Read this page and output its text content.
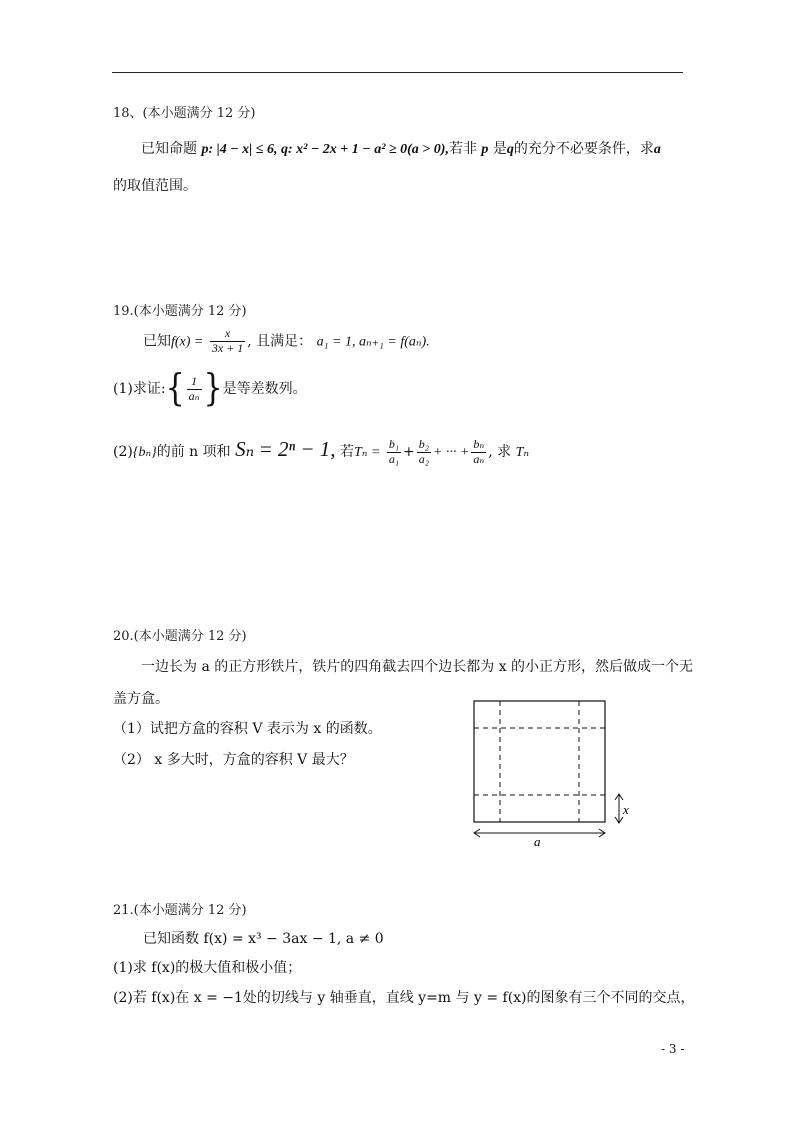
18、(本小题满分 12 分)
已知命题 p: |4 − x| ≤ 6, q: x² − 2x + 1 − a² ≥ 0(a > 0),若非 p 是q的充分不必要条件，求a
的取值范围。
19.(本小题满分 12 分)
已知$f(x) = \frac{x}{3x + 1}$ , 且满足： a₁ = 1, aₙ₊₁ = f(aₙ).
(1)求证:{ $\frac{1}{\text{aₙ}}$ }是等差数列。
(2){bₙ}的前 n 项和 Sₙ = 2ⁿ − 1, 若$T_n = \frac{\text{b₁}}{\text{a₁}} + \frac{\text{b₂}}{\text{a₂}}$ + ··· + $\frac{\text{bₙ}}{\text{aₙ}}$ , 求 Tₙ
20.(本小题满分 12 分)
一边长为 a 的正方形铁片，铁片的四角截去四个边长都为 x 的小正方形，然后做成一个无
盖方盒。
（1）试把方盒的容积 V 表示为 x 的函数。
（2） x 多大时，方盒的容积 V 最大？
x
a
21.(本小题满分 12 分)
已知函数 f(x) = x³ − 3ax − 1, a ≠ 0
(1)求 f(x)的极大值和极小值；
(2)若 f(x)在 x = −1处的切线与 y 轴垂直，直线 y=m 与 y = f(x)的图象有三个不同的交点，
- 3 -
